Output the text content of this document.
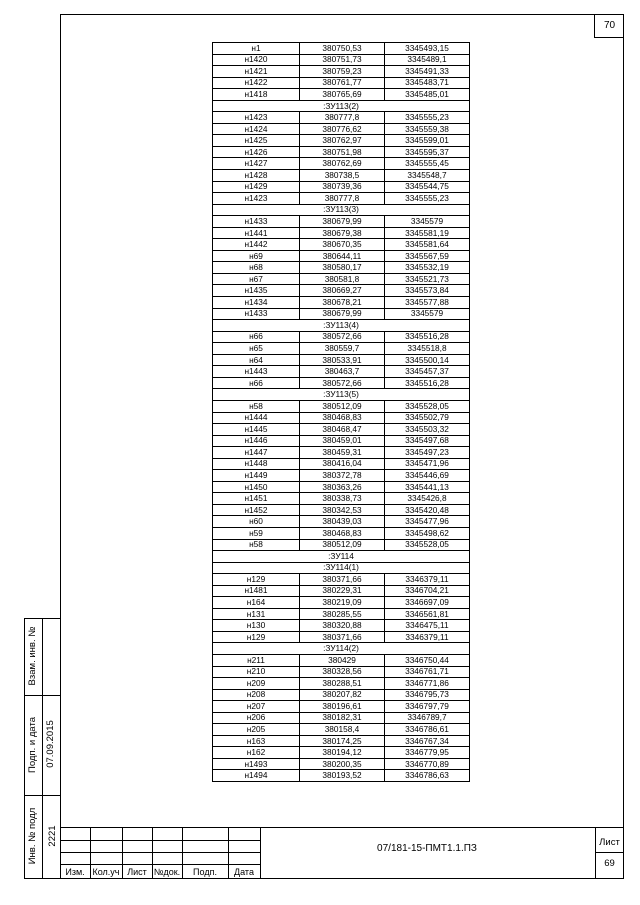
70
н1	380750,53	3345493,15
н1420	380751,73	3345489,1
н1421	380759,23	3345491,33
н1422	380761,77	3345483,71
н1418	380765,69	3345485,01
:ЗУ113(2)		
н1423	380777,8	3345555,23
н1424	380776,62	3345559,38
н1425	380762,97	3345599,01
н1426	380751,98	3345595,37
н1427	380762,69	3345555,45
н1428	380738,5	3345548,7
н1429	380739,36	3345544,75
н1423	380777,8	3345555,23
:ЗУ113(3)		
н1433	380679,99	3345579
н1441	380679,38	3345581,19
н1442	380670,35	3345581,64
н69	380644,11	3345567,59
н68	380580,17	3345532,19
н67	380581,8	3345521,73
н1435	380669,27	3345573,84
н1434	380678,21	3345577,88
н1433	380679,99	3345579
:ЗУ113(4)		
н66	380572,66	3345516,28
н65	380559,7	3345518,8
н64	380533,91	3345500,14
н1443	380463,7	3345457,37
н66	380572,66	3345516,28
:ЗУ113(5)		
н58	380512,09	3345528,05
н1444	380468,83	3345502,79
н1445	380468,47	3345503,32
н1446	380459,01	3345497,68
н1447	380459,31	3345497,23
н1448	380416,04	3345471,96
н1449	380372,78	3345446,69
н1450	380363,26	3345441,13
н1451	380338,73	3345426,8
н1452	380342,53	3345420,48
н60	380439,03	3345477,96
н59	380468,83	3345498,62
н58	380512,09	3345528,05
:ЗУ114		
:ЗУ114(1)		
н129	380371,66	3346379,11
н1481	380229,31	3346704,21
н164	380219,09	3346697,09
н131	380285,55	3346561,81
н130	380320,88	3346475,11
н129	380371,66	3346379,11
:ЗУ114(2)		
н211	380429	3346750,44
н210	380328,56	3346761,71
н209	380288,51	3346771,86
н208	380207,82	3346795,73
н207	380196,61	3346797,79
н206	380182,31	3346789,7
н205	380158,4	3346786,61
н163	380174,25	3346767,34
н162	380194,12	3346779,95
н1493	380200,35	3346770,89
н1494	380193,52	3346786,63
Взам. инв. №
Подп. и дата 07.09.2015
Инв. № подл 2221
Изм. Кол.уч Лист №док.	Подп.	Дата
07/181-15-ПМТ1.1.ПЗ
Лист
69
